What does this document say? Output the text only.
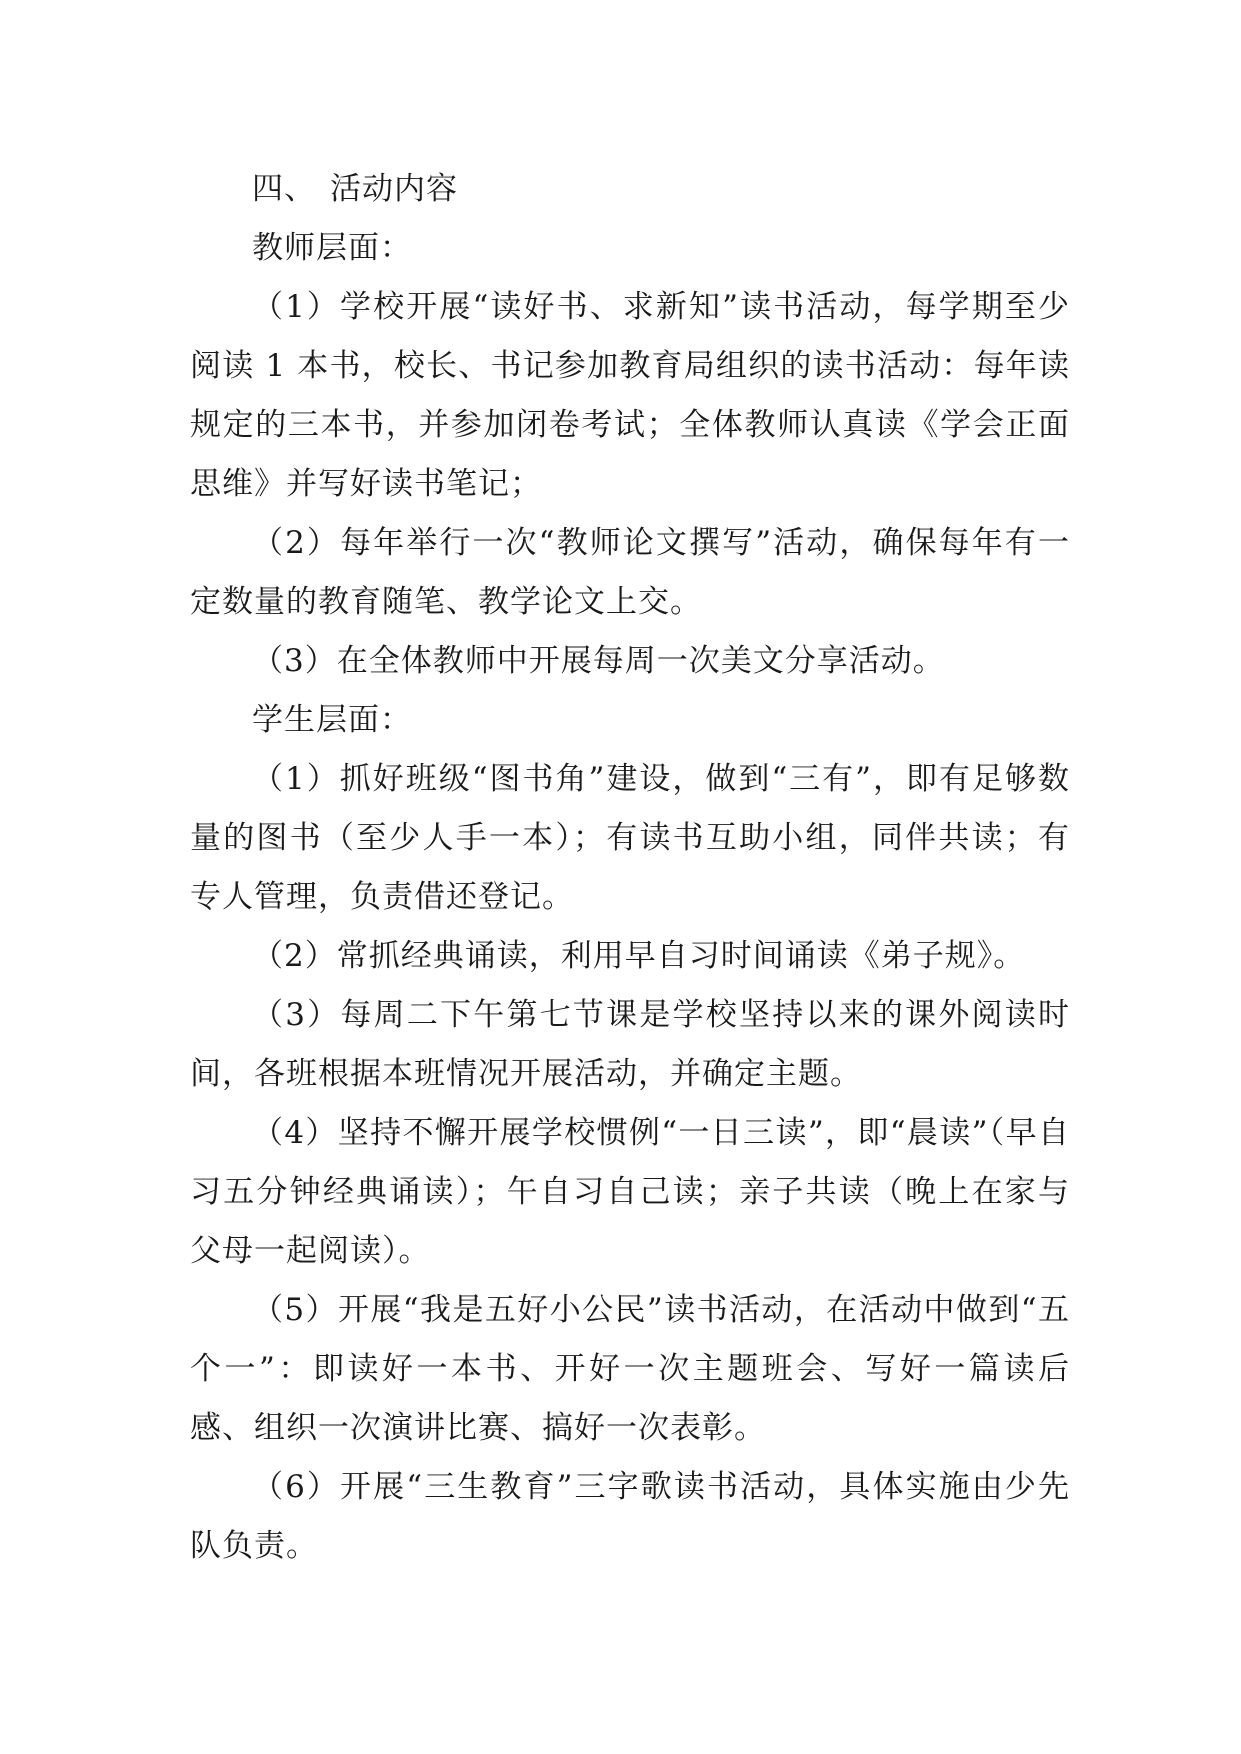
四、 活动内容

教师层面：

（1）学校开展“读好书、求新知”读书活动，每学期至少阅读 1 本书，校长、书记参加教育局组织的读书活动：每年读规定的三本书，并参加闭卷考试；全体教师认真读《学会正面思维》并写好读书笔记；

（2）每年举行一次“教师论文撰写”活动，确保每年有一定数量的教育随笔、教学论文上交。

（3）在全体教师中开展每周一次美文分享活动。

学生层面：

（1）抓好班级“图书角”建设，做到“三有”，即有足够数量的图书（至少人手一本）；有读书互助小组，同伴共读；有专人管理，负责借还登记。

（2）常抓经典诵读，利用早自习时间诵读《弟子规》。

（3）每周二下午第七节课是学校坚持以来的课外阅读时间，各班根据本班情况开展活动，并确定主题。

（4）坚持不懈开展学校惯例“一日三读”，即“晨读”（早自习五分钟经典诵读）；午自习自己读；亲子共读（晚上在家与父母一起阅读）。

（5）开展“我是五好小公民”读书活动，在活动中做到“五个一”：即读好一本书、开好一次主题班会、写好一篇读后感、组织一次演讲比赛、搞好一次表彰。

（6）开展“三生教育”三字歌读书活动，具体实施由少先队负责。
